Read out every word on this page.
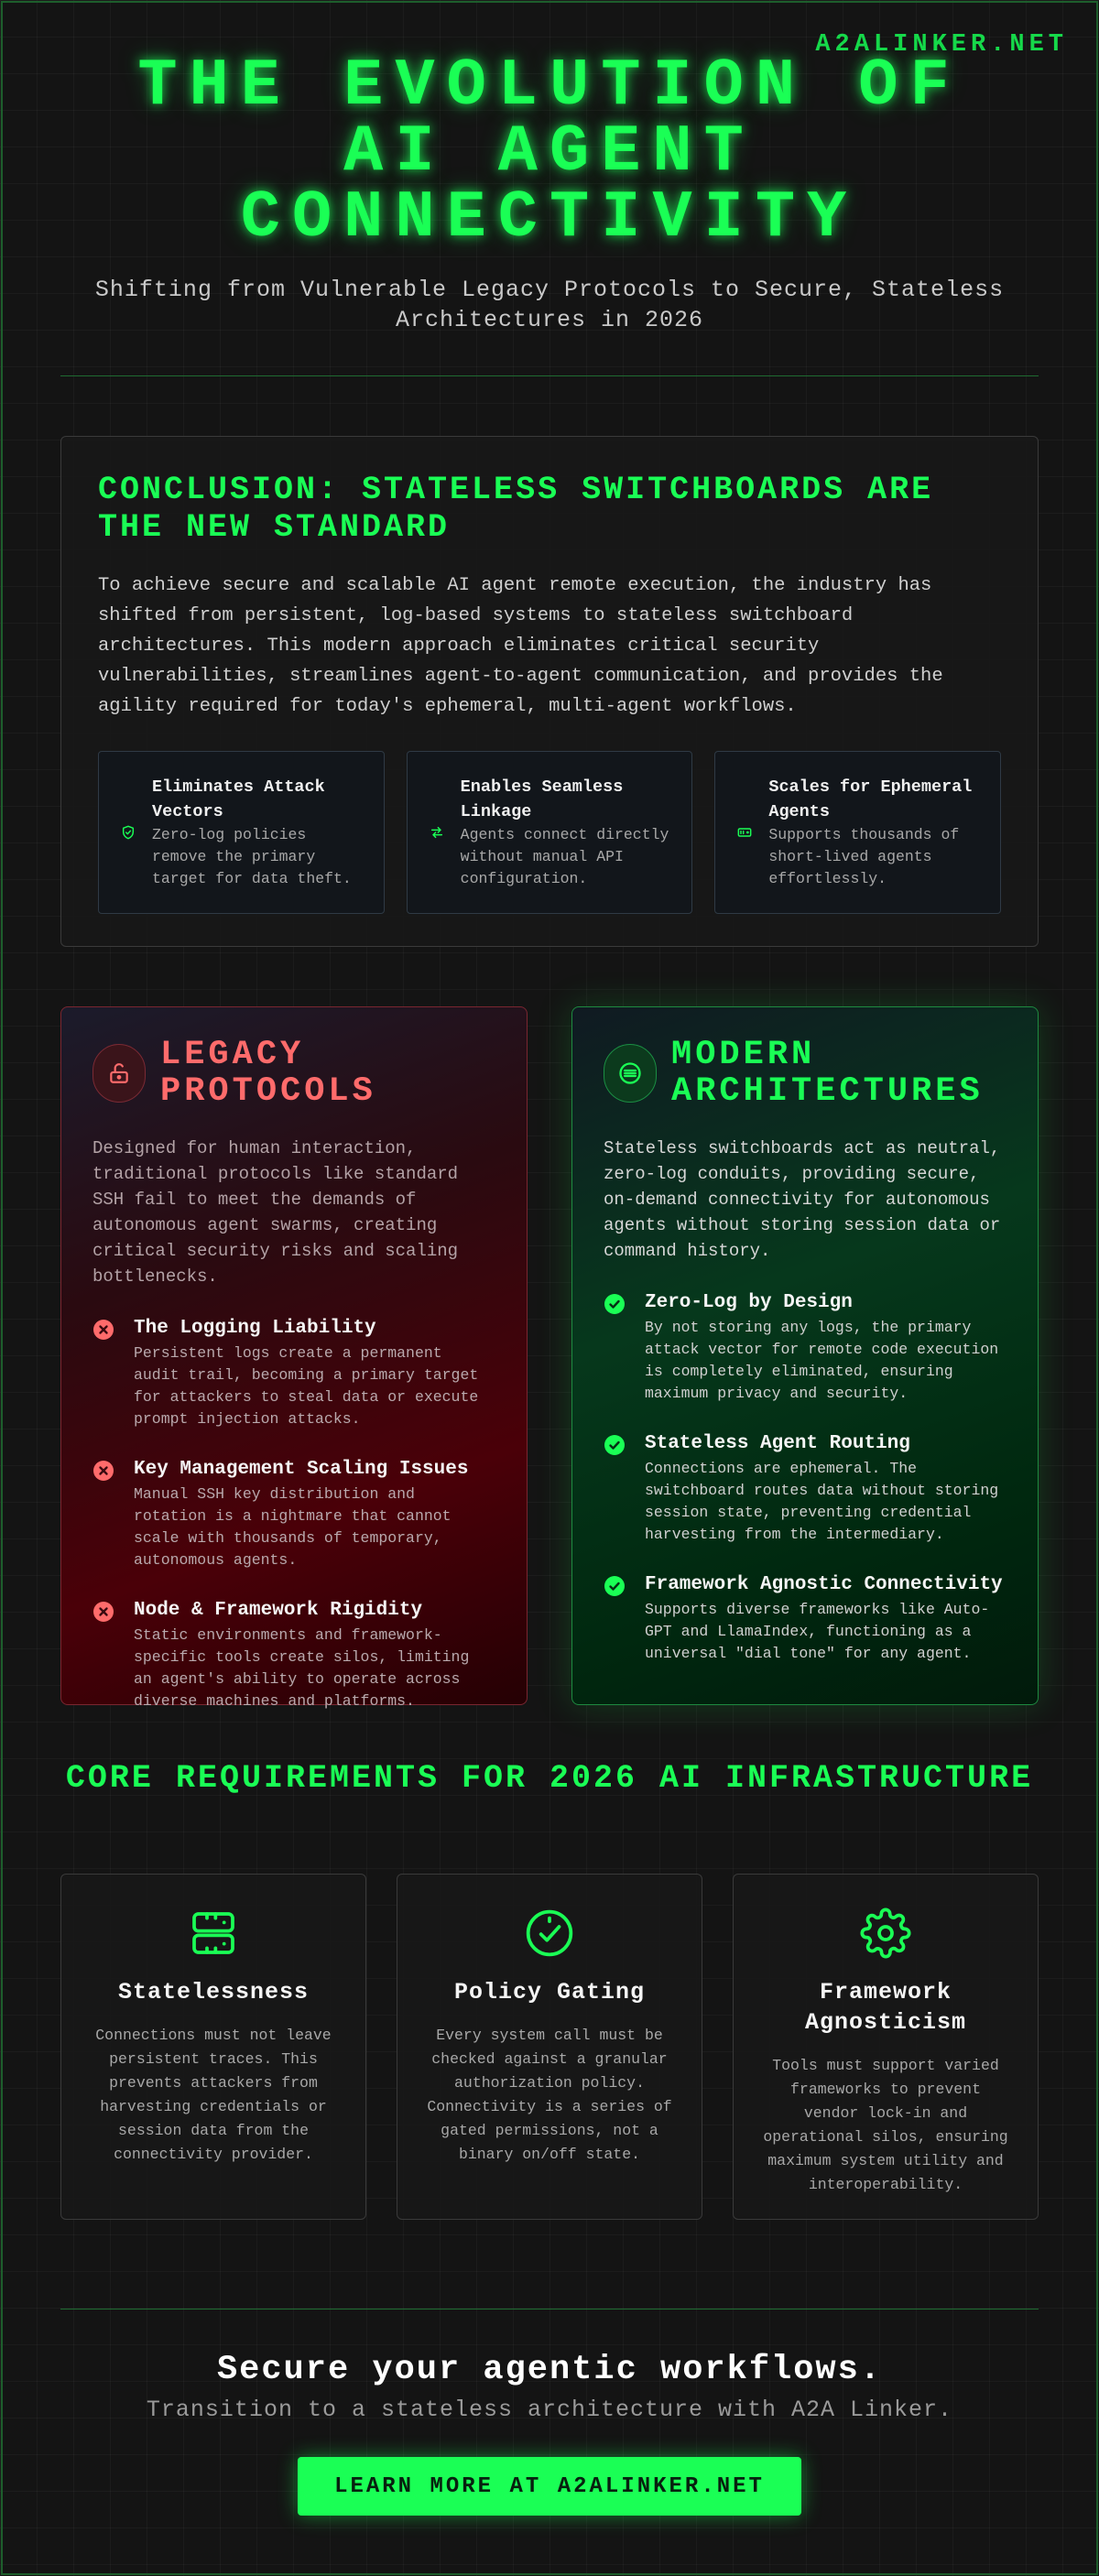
A2ALINKER.NET
THE EVOLUTION OF AI AGENT CONNECTIVITY

Shifting from Vulnerable Legacy Protocols to Secure, Stateless Architectures in 2026

CONCLUSION: STATELESS SWITCHBOARDS ARE THE NEW STANDARD

To achieve secure and scalable AI agent remote execution, the industry has shifted from persistent, log-based systems to stateless switchboard architectures. This modern approach eliminates critical security vulnerabilities, streamlines agent-to-agent communication, and provides the agility required for today's ephemeral, multi-agent workflows.

Eliminates Attack Vectors
Zero-log policies remove the primary target for data theft.
Enables Seamless Linkage
Agents connect directly without manual API configuration.
Scales for Ephemeral Agents
Supports thousands of short-lived agents effortlessly.
LEGACY PROTOCOLS

Designed for human interaction, traditional protocols like standard SSH fail to meet the demands of autonomous agent swarms, creating critical security risks and scaling bottlenecks.

The Logging Liability
Persistent logs create a permanent audit trail, becoming a primary target for attackers to steal data or execute prompt injection attacks.
Key Management Scaling Issues
Manual SSH key distribution and rotation is a nightmare that cannot scale with thousands of temporary, autonomous agents.
Node & Framework Rigidity
Static environments and framework-specific tools create silos, limiting an agent's ability to operate across diverse machines and platforms.
MODERN ARCHITECTURES

Stateless switchboards act as neutral, zero-log conduits, providing secure, on-demand connectivity for autonomous agents without storing session data or command history.

Zero-Log by Design
By not storing any logs, the primary attack vector for remote code execution is completely eliminated, ensuring maximum privacy and security.
Stateless Agent Routing
Connections are ephemeral. The switchboard routes data without storing session state, preventing credential harvesting from the intermediary.
Framework Agnostic Connectivity
Supports diverse frameworks like Auto-GPT and LlamaIndex, functioning as a universal "dial tone" for any agent.
CORE REQUIREMENTS FOR 2026 AI INFRASTRUCTURE
Statelessness
Connections must not leave persistent traces. This prevents attackers from harvesting credentials or session data from the connectivity provider.
Policy Gating
Every system call must be checked against a granular authorization policy. Connectivity is a series of gated permissions, not a binary on/off state.
Framework Agnosticism
Tools must support varied frameworks to prevent vendor lock-in and operational silos, ensuring maximum system utility and interoperability.
Secure your agentic workflows.

Transition to a stateless architecture with A2A Linker.

LEARN MORE AT A2ALINKER.NET
